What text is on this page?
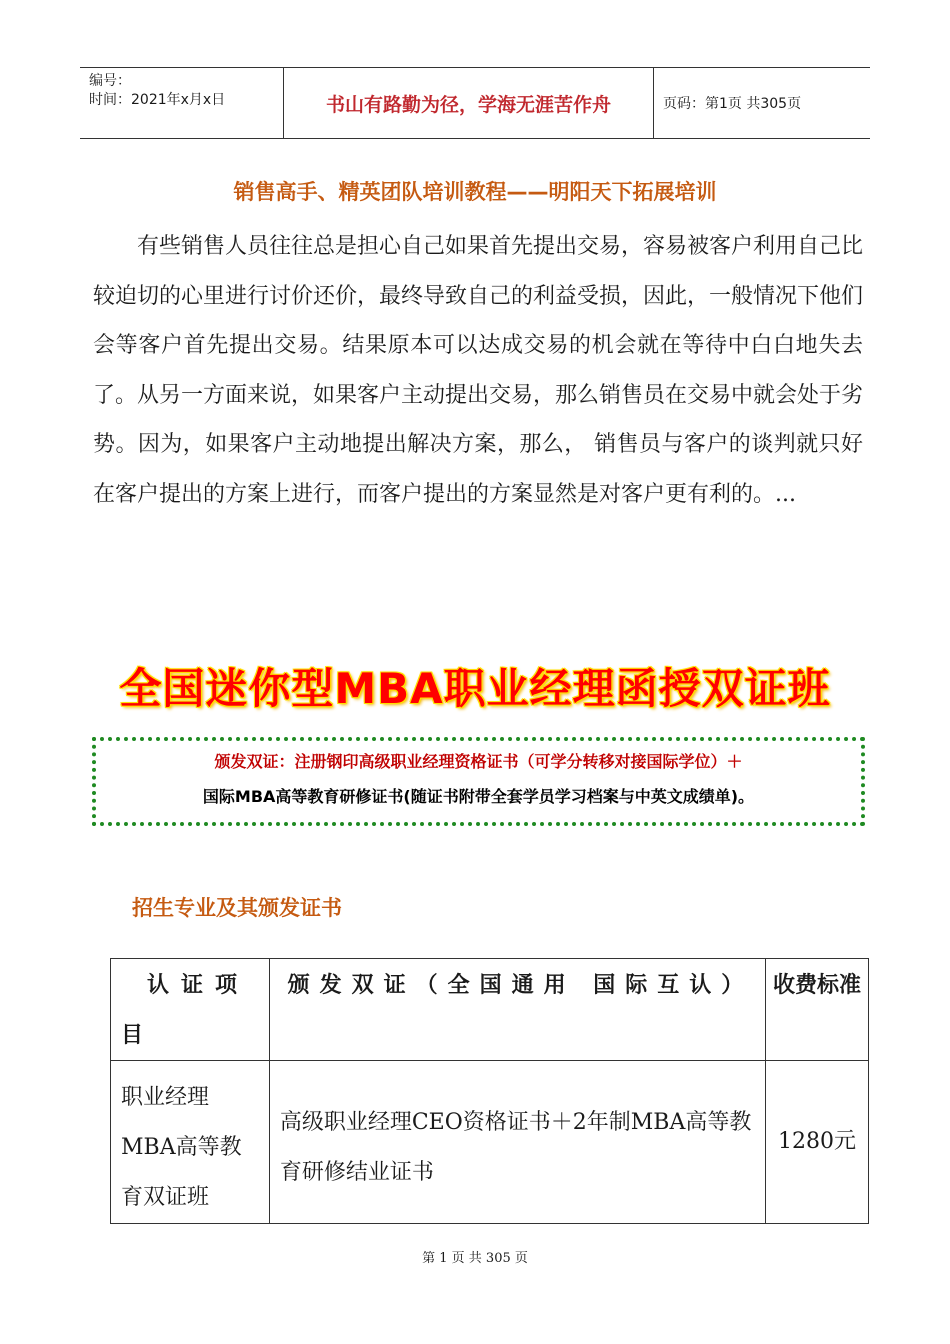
编号：
时间：2021年x月x日	书山有路勤为径，学海无涯苦作舟	页码：第1页 共305页
销售高手、精英团队培训教程——明阳天下拓展培训

有些销售人员往往总是担心自己如果首先提出交易，容易被客户利用自己比较迫切的心里进行讨价还价，最终导致自己的利益受损，因此，一般情况下他们会等客户首先提出交易。结果原本可以达成交易的机会就在等待中白白地失去了。从另一方面来说，如果客户主动提出交易，那么销售员在交易中就会处于劣势。因为，如果客户主动地提出解决方案，那么， 销售员与客户的谈判就只好在客户提出的方案上进行，而客户提出的方案显然是对客户更有利的。...

全国迷你型MBA职业经理函授双证班
颁发双证：注册钢印高级职业经理资格证书（可学分转移对接国际学位）＋
国际MBA高等教育研修证书(随证书附带全套学员学习档案与中英文成绩单)。
招生专业及其颁发证书
认证项目	颁发双证（全国通用 国际互认）	收费标准
职业经理MBA高等教育双证班	高级职业经理CEO资格证书＋2年制MBA高等教育研修结业证书	1280元
第 1 页 共 305 页
